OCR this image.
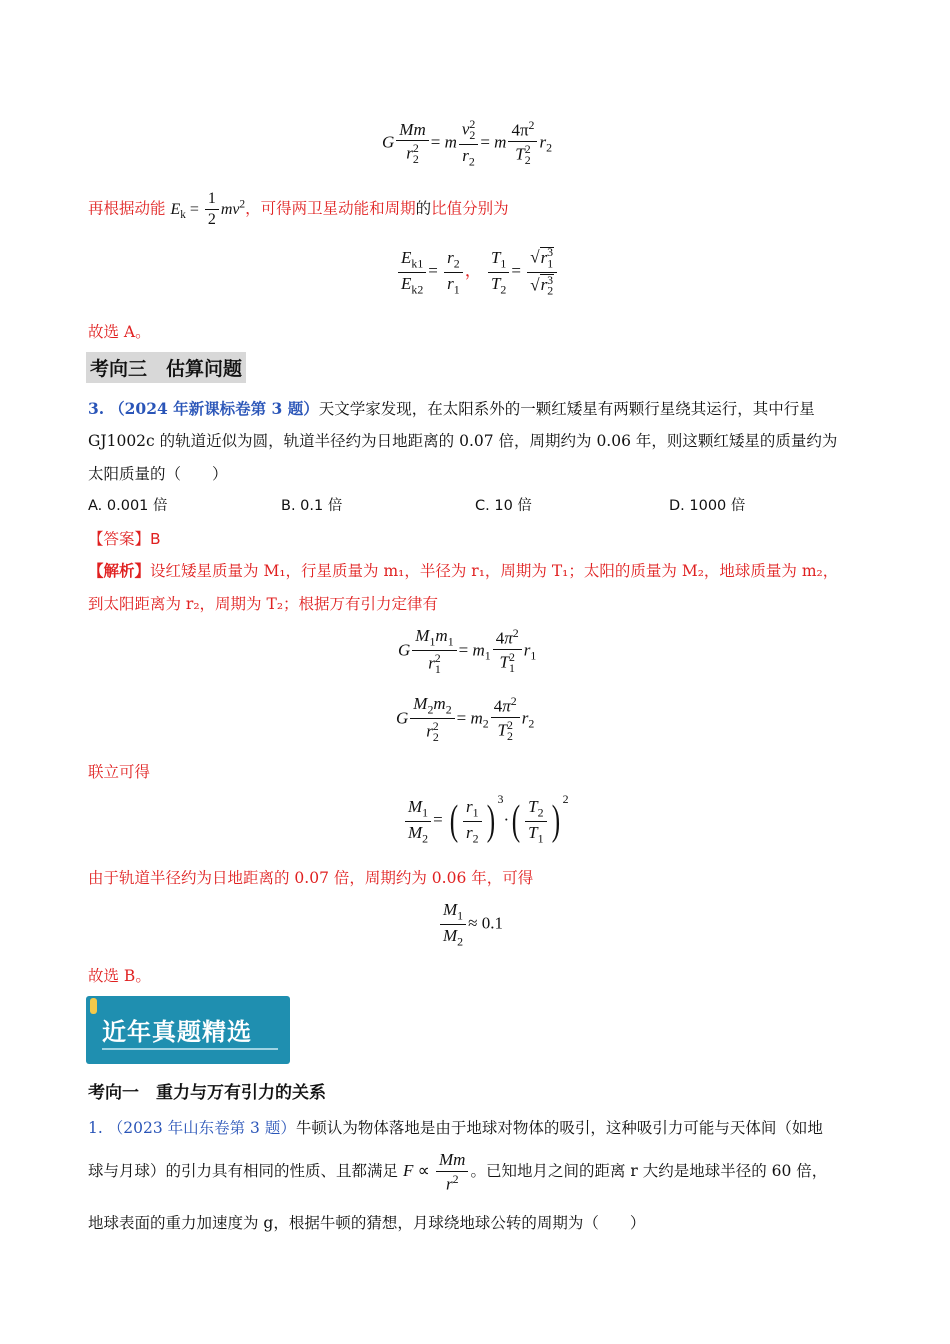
G $\frac{Mm}{r_2^2} = m \frac{v_2^2}{r_2} = m \frac{4\pi^2}{T_2^2} r_2$
再根据动能 $E_k = \frac{1}{2} mv^2$，可得两卫星动能和周期的比值分别为
$\frac{E_{k1}}{E_{k2}} = \frac{r_2}{r_1}$ ， $\frac{T_1}{T_2} = \frac{√r_1^3}{√r_2^3}$
故选 A。
考向三　估算问题
3. （2024 年新课标卷第 3 题）天文学家发现，在太阳系外的一颗红矮星有两颗行星绕其运行，其中行星
GJ1002c 的轨道近似为圆，轨道半径约为日地距离的 0.07 倍，周期约为 0.06 年，则这颗红矮星的质量约为
太阳质量的（　　）
A. 0.001 倍	B. 0.1 倍	C. 10 倍	D. 1000 倍
【答案】B
【解析】设红矮星质量为 M₁，行星质量为 m₁，半径为 r₁，周期为 T₁；太阳的质量为 M₂，地球质量为 m₂，
到太阳距离为 r₂，周期为 T₂；根据万有引力定律有
G $\frac{M_1m_1}{r_1^2} = m_1 \frac{4\pi^2}{T_1^2} r_1$
G $\frac{M_2m_2}{r_2^2} = m_2 \frac{4\pi^2}{T_2^2} r_2$
联立可得
$\frac{M_1}{M_2}$ = ( $\frac{r_1}{r_2}$ ) $^3\cdot( \frac{T_2}{T_1}$ ) $^2$
由于轨道半径约为日地距离的 0.07 倍，周期约为 0.06 年，可得
$\frac{M_1}{M_2} \approx 0.1$
故选 B。
近年真题精选
考向一　重力与万有引力的关系
1. （2023 年山东卷第 3 题）牛顿认为物体落地是由于地球对物体的吸引，这种吸引力可能与天体间（如地
球与月球）的引力具有相同的性质、且都满足 $F \propto \frac{Mm}{r^2}$ 。已知地月之间的距离 r 大约是地球半径的 60 倍，
地球表面的重力加速度为 g，根据牛顿的猜想，月球绕地球公转的周期为（　　）
